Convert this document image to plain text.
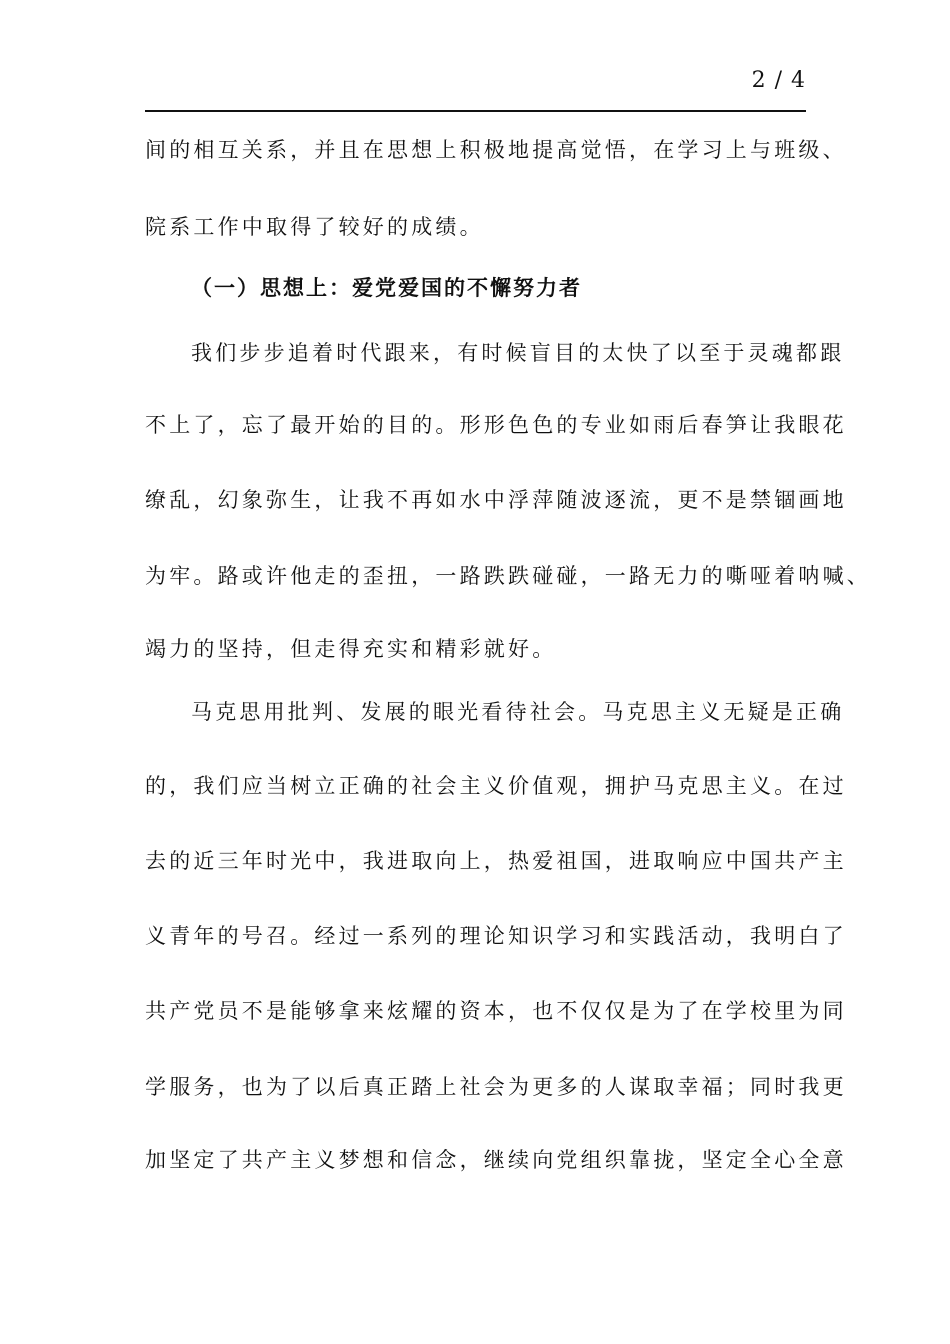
2 / 4
间的相互关系，并且在思想上积极地提高觉悟，在学习上与班级、
院系工作中取得了较好的成绩。
（一）思想上：爱党爱国的不懈努力者
我们步步追着时代跟来，有时候盲目的太快了以至于灵魂都跟
不上了，忘了最开始的目的。形形色色的专业如雨后春笋让我眼花
缭乱，幻象弥生，让我不再如水中浮萍随波逐流，更不是禁锢画地
为牢。路或许他走的歪扭，一路跌跌碰碰，一路无力的嘶哑着呐喊、
竭力的坚持，但走得充实和精彩就好。
马克思用批判、发展的眼光看待社会。马克思主义无疑是正确
的，我们应当树立正确的社会主义价值观，拥护马克思主义。在过
去的近三年时光中，我进取向上，热爱祖国，进取响应中国共产主
义青年的号召。经过一系列的理论知识学习和实践活动，我明白了
共产党员不是能够拿来炫耀的资本，也不仅仅是为了在学校里为同
学服务，也为了以后真正踏上社会为更多的人谋取幸福；同时我更
加坚定了共产主义梦想和信念，继续向党组织靠拢，坚定全心全意
